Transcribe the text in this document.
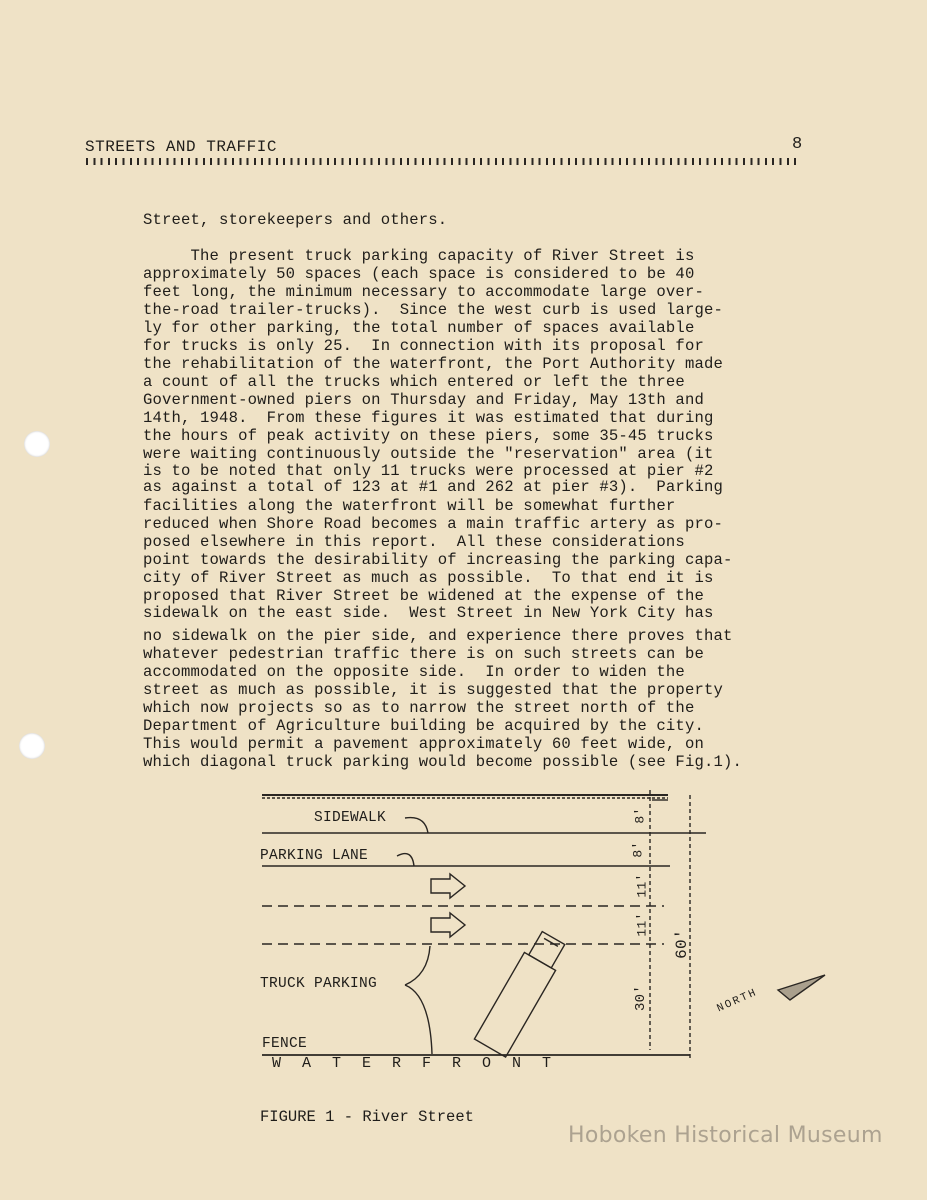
STREETS AND TRAFFIC	8
Street, storekeepers and others.
The present truck parking capacity of River Street is
approximately 50 spaces (each space is considered to be 40
feet long, the minimum necessary to accommodate large over-
the-road trailer-trucks).  Since the west curb is used large-
ly for other parking, the total number of spaces available
for trucks is only 25.  In connection with its proposal for
the rehabilitation of the waterfront, the Port Authority made
a count of all the trucks which entered or left the three
Government-owned piers on Thursday and Friday, May 13th and
14th, 1948.  From these figures it was estimated that during
the hours of peak activity on these piers, some 35-45 trucks
were waiting continuously outside the "reservation" area (it
is to be noted that only 11 trucks were processed at pier #2
as against a total of 123 at #1 and 262 at pier #3).  Parking
facilities along the waterfront will be somewhat further
reduced when Shore Road becomes a main traffic artery as pro-
posed elsewhere in this report.  All these considerations
point towards the desirability of increasing the parking capa-
city of River Street as much as possible.  To that end it is
proposed that River Street be widened at the expense of the
sidewalk on the east side.  West Street in New York City has
no sidewalk on the pier side, and experience there proves that
whatever pedestrian traffic there is on such streets can be
accommodated on the opposite side.  In order to widen the
street as much as possible, it is suggested that the property
which now projects so as to narrow the street north of the
Department of Agriculture building be acquired by the city.
This would permit a pavement approximately 60 feet wide, on
which diagonal truck parking would become possible (see Fig.1).
SIDEWALK
PARKING LANE
TRUCK PARKING
FENCE
WATERFRONT
8'
8'
11'
11'
30'
60'
NORTH
FIGURE 1 - River Street
Hoboken Historical Museum
